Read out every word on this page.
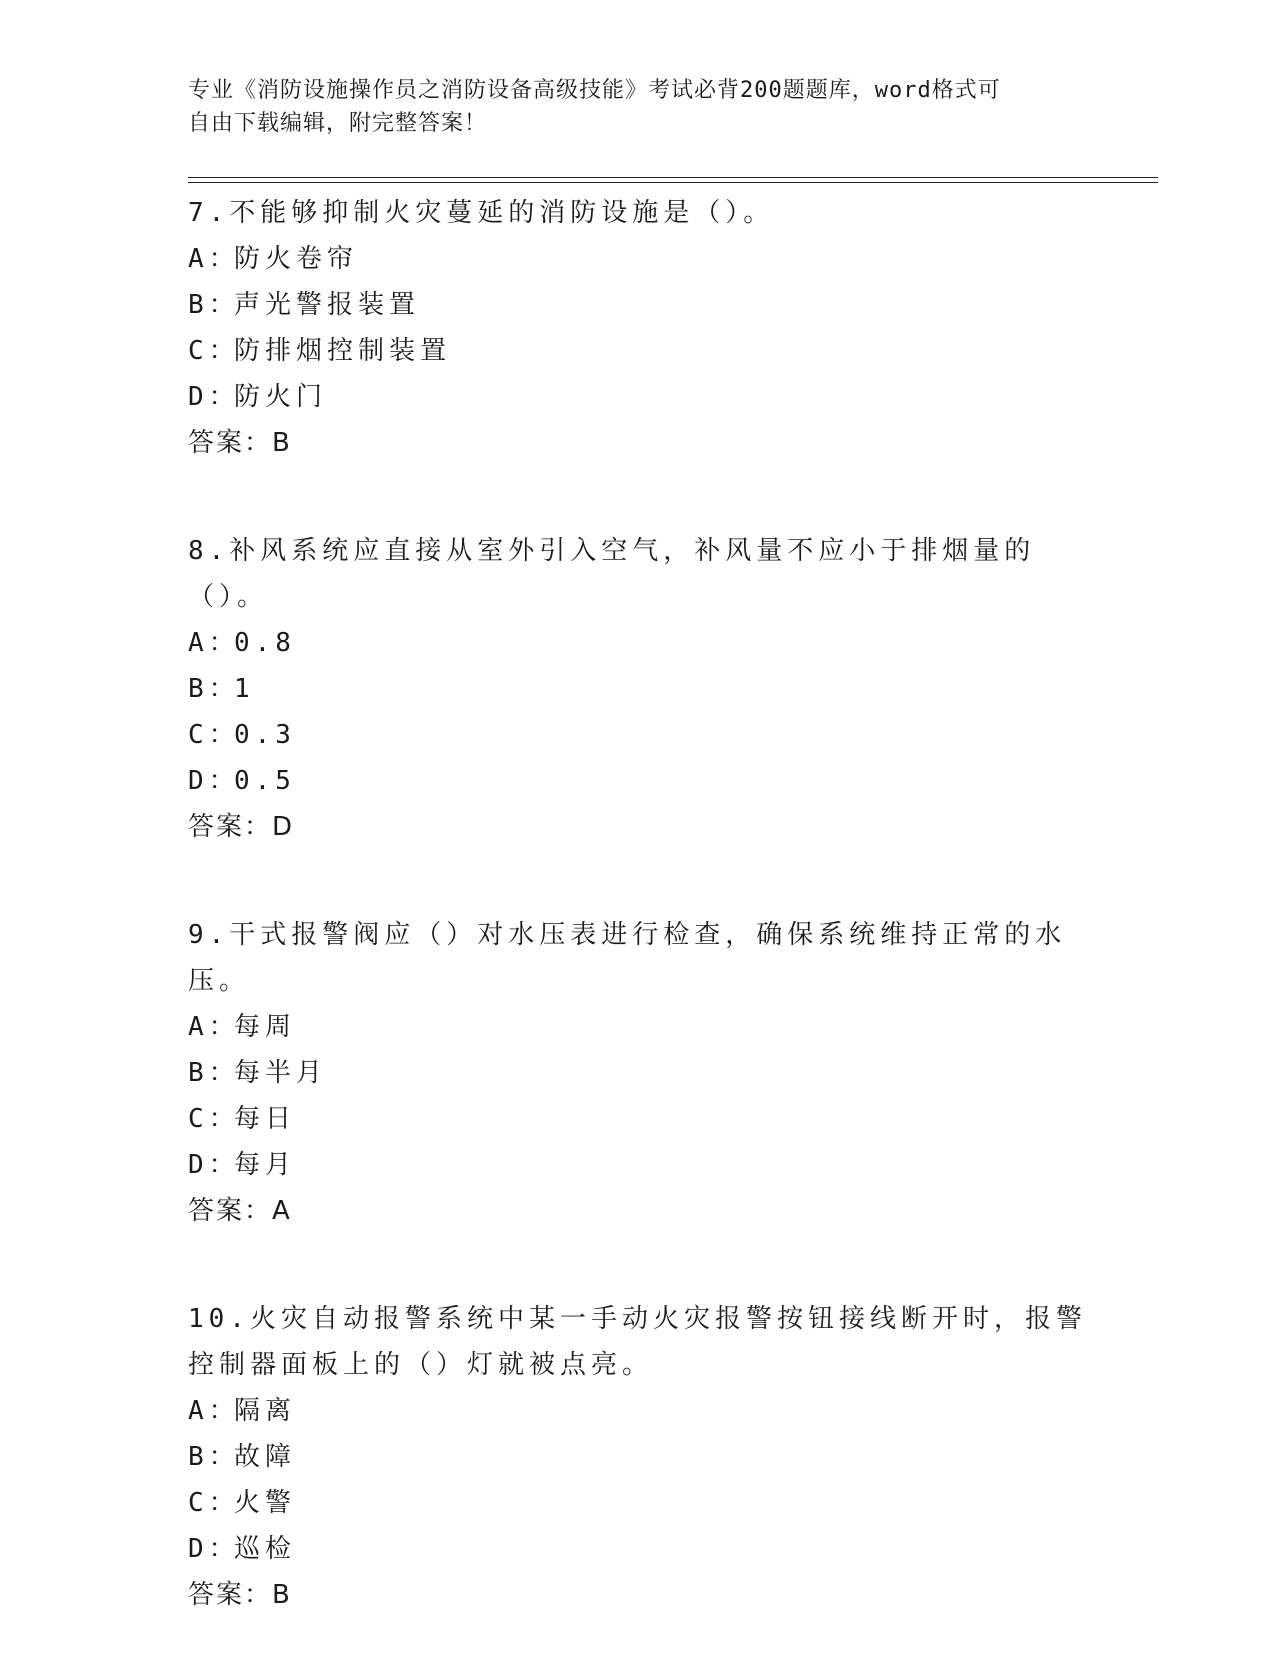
专业《消防设施操作员之消防设备高级技能》考试必背200题题库，word格式可
自由下载编辑，附完整答案！
7.不能够抑制火灾蔓延的消防设施是（）。
A：
防火卷帘
B：
声光警报装置
C：
防排烟控制装置
D：
防火门
答案：B
8.补风系统应直接从室外引入空气，补风量不应小于排烟量的（）。
A：
0.8
B：
1
C：
0.3
D：
0.5
答案：D
9.干式报警阀应（）对水压表进行检查，确保系统维持正常的水压。
A：
每周
B：
每半月
C：
每日
D：
每月
答案：A
10.火灾自动报警系统中某一手动火灾报警按钮接线断开时，报警控制器面板上的（）灯就被点亮。
A：
隔离
B：
故障
C：
火警
D：
巡检
答案：B
